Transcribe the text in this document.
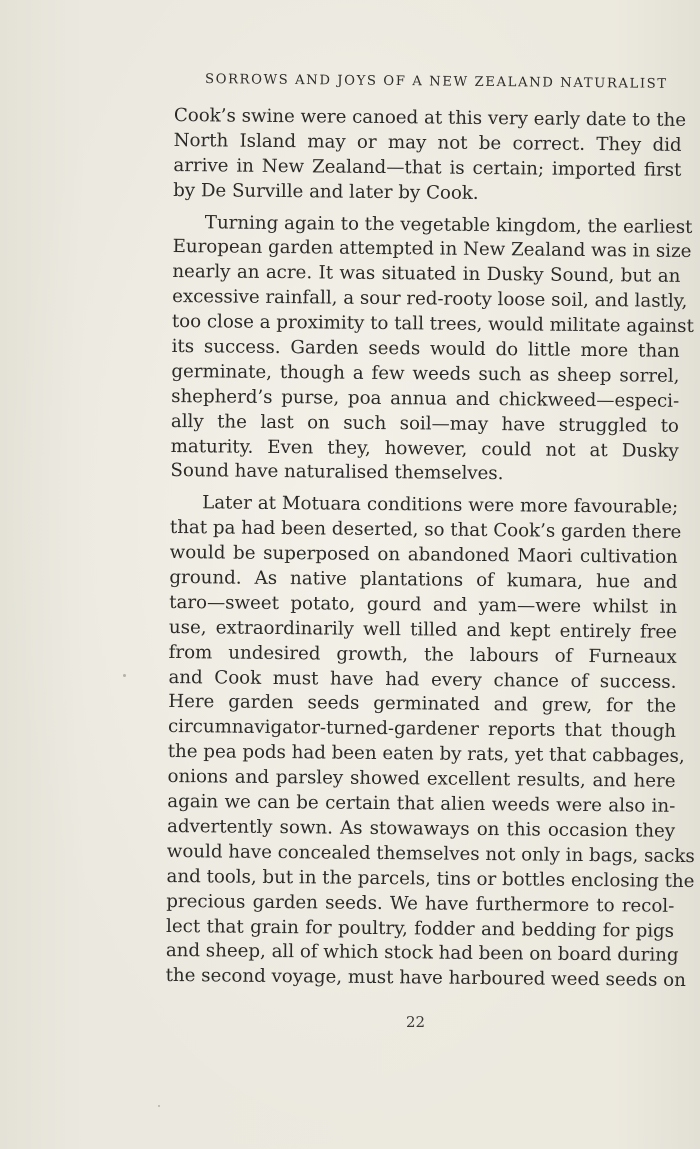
SORROWS AND JOYS OF A NEW ZEALAND NATURALIST
Cook’s swine were canoed at this very early date to the
North Island may or may not be correct. They did
arrive in New Zealand—that is certain; imported first
by De Surville and later by Cook.
Turning again to the vegetable kingdom, the earliest
European garden attempted in New Zealand was in size
nearly an acre. It was situated in Dusky Sound, but an
excessive rainfall, a sour red-rooty loose soil, and lastly,
too close a proximity to tall trees, would militate against
its success. Garden seeds would do little more than
germinate, though a few weeds such as sheep sorrel,
shepherd’s purse, poa annua and chickweed—especi-
ally the last on such soil—may have struggled to
maturity. Even they, however, could not at Dusky
Sound have naturalised themselves.
Later at Motuara conditions were more favourable;
that pa had been deserted, so that Cook’s garden there
would be superposed on abandoned Maori cultivation
ground. As native plantations of kumara, hue and
taro—sweet potato, gourd and yam—were whilst in
use, extraordinarily well tilled and kept entirely free
from undesired growth, the labours of Furneaux
and Cook must have had every chance of success.
Here garden seeds germinated and grew, for the
circumnavigator-turned-gardener reports that though
the pea pods had been eaten by rats, yet that cabbages,
onions and parsley showed excellent results, and here
again we can be certain that alien weeds were also in-
advertently sown. As stowaways on this occasion they
would have concealed themselves not only in bags, sacks
and tools, but in the parcels, tins or bottles enclosing the
precious garden seeds. We have furthermore to recol-
lect that grain for poultry, fodder and bedding for pigs
and sheep, all of which stock had been on board during
the second voyage, must have harboured weed seeds on
22
